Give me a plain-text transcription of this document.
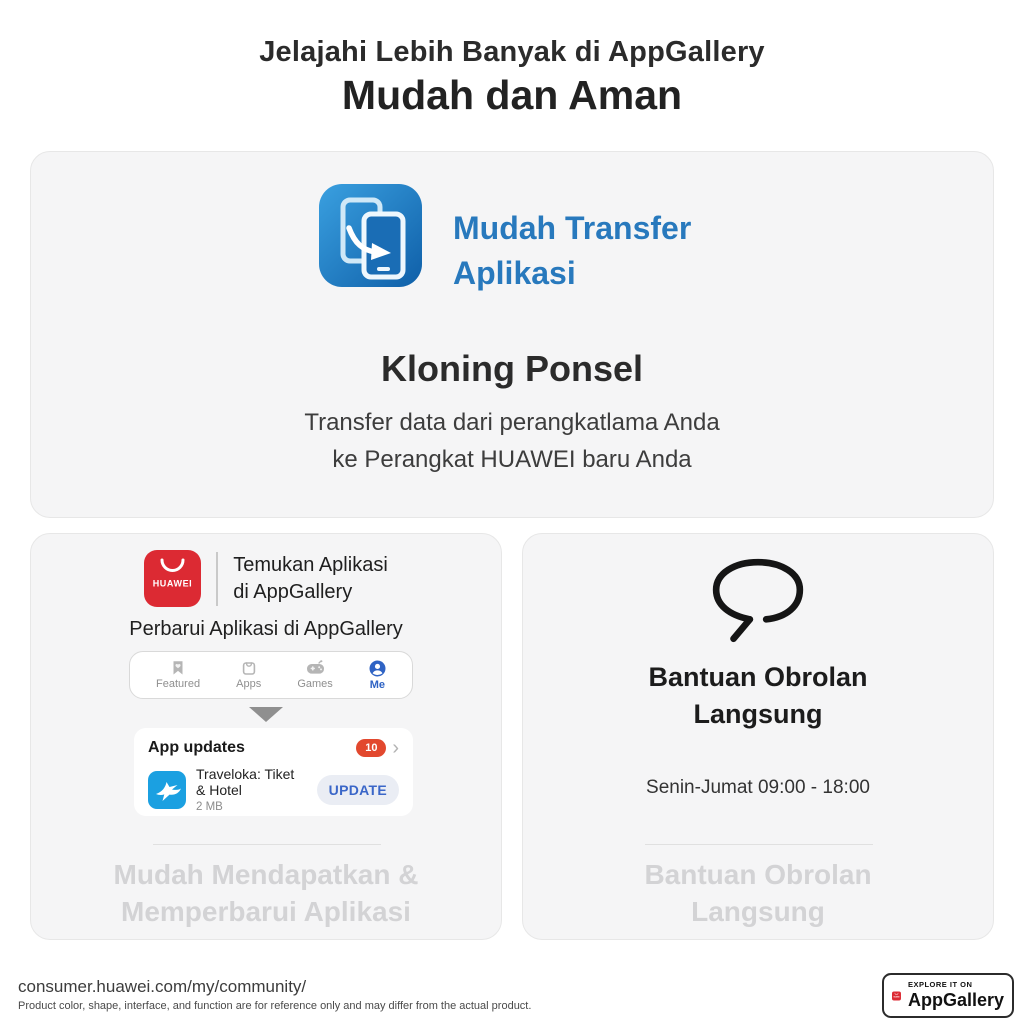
Jelajahi Lebih Banyak di AppGallery
Mudah dan Aman
Mudah Transfer
Aplikasi
Kloning Ponsel
Transfer data dari perangkatlama Anda
ke Perangkat HUAWEI baru Anda
HUAWEI
Temukan Aplikasi
di AppGallery
Perbarui Aplikasi di AppGallery
Featured	Apps	Games	Me
App updates	10 ›
Traveloka: Tiket & Hotel
2 MB
UPDATE
Mudah Mendapatkan &
Memperbarui Aplikasi
Bantuan Obrolan
Langsung
Senin-Jumat 09:00 - 18:00
Bantuan Obrolan
Langsung
consumer.huawei.com/my/community/
Product color, shape, interface, and function are for reference only and may differ from the actual product.
HUAWEI
EXPLORE IT ON
AppGallery
